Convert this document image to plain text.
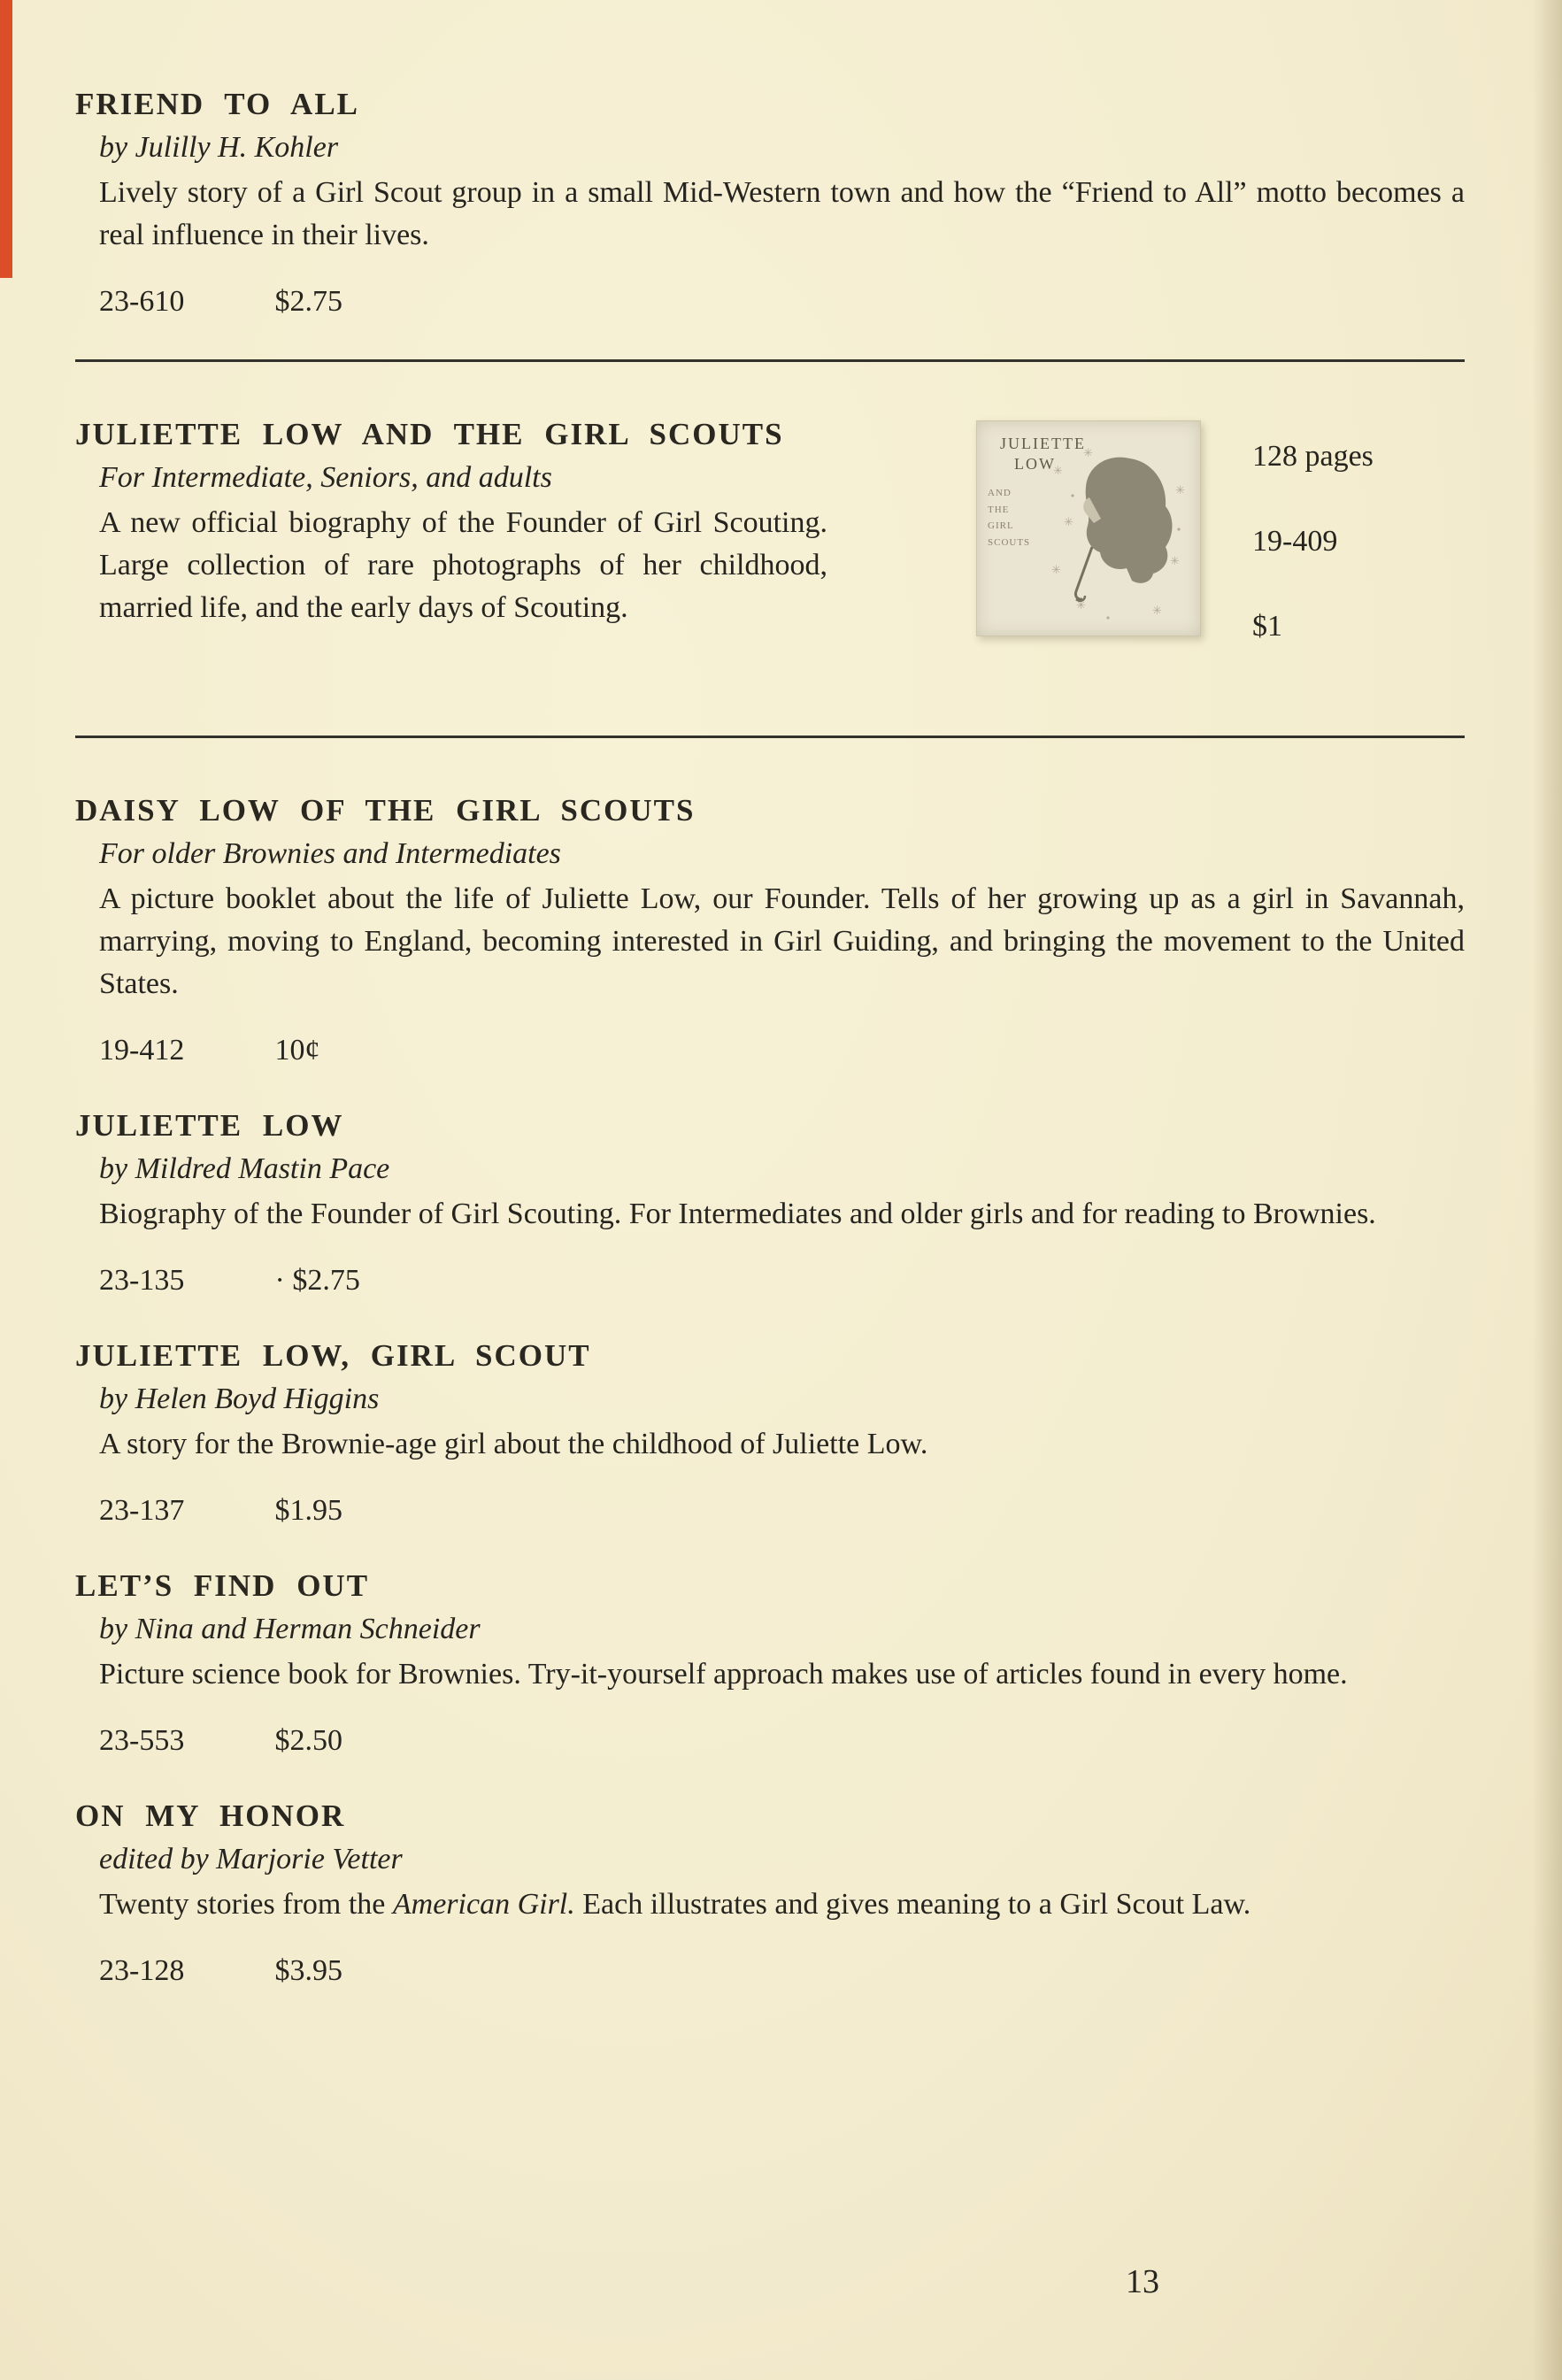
FRIEND TO ALL

by Julilly H. Kohler

Lively story of a Girl Scout group in a small Mid-Western town and how the “Friend to All” motto becomes a real influence in their lives.

23-610	$2.75

JULIETTE LOW AND THE GIRL SCOUTS

For Intermediate, Seniors, and adults

A new official biography of the Founder of Girl Scouting. Large collection of rare photographs of her childhood, married life, and the early days of Scouting.

JULIETTE
LOW
AND THE GIRL SCOUTS
✳
✳
✳
✳	✳
✳
✳
✳	128 pages

19-409

$1

DAISY LOW OF THE GIRL SCOUTS

For older Brownies and Intermediates

A picture booklet about the life of Juliette Low, our Founder. Tells of her growing up as a girl in Savannah, marrying, moving to England, becoming interested in Girl Guiding, and bringing the movement to the United States.

19-412	10¢

JULIETTE LOW

by Mildred Mastin Pace

Biography of the Founder of Girl Scouting. For Intermediates and older girls and for reading to Brownies.

23-135	· $2.75

JULIETTE LOW, GIRL SCOUT

by Helen Boyd Higgins

A story for the Brownie-age girl about the childhood of Juliette Low.

23-137	$1.95

LET’S FIND OUT

by Nina and Herman Schneider

Picture science book for Brownies. Try-it-yourself approach makes use of articles found in every home.

23-553	$2.50

ON MY HONOR

edited by Marjorie Vetter

Twenty stories from the American Girl. Each illustrates and gives meaning to a Girl Scout Law.

23-128	$3.95

13
